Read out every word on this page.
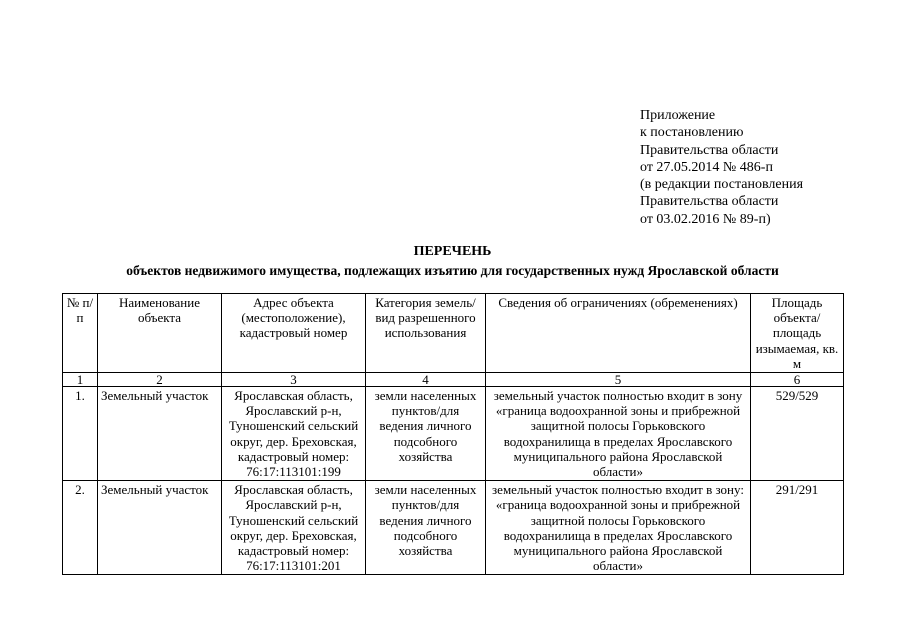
Приложение
к постановлению
Правительства области
от 27.05.2014 № 486-п
(в редакции постановления
Правительства области
от 03.02.2016 № 89-п)
ПЕРЕЧЕНЬ
объектов недвижимого имущества, подлежащих изъятию для государственных нужд Ярославской области
№ п/п	Наименование объекта	Адрес объекта (местоположение), кадастровый номер	Категория земель/ вид разрешенного использования	Сведения об ограничениях (обременениях)	Площадь объекта/ площадь изымаемая, кв. м
1	2	3	4	5	6
1.	Земельный участок	Ярославская область, Ярославский р-н, Туношенский сельский округ, дер. Бреховская, кадастровый номер: 76:17:113101:199	земли населенных пунктов/для ведения личного подсобного хозяйства	земельный участок полностью входит в зону «граница водоохранной зоны и прибрежной защитной полосы Горьковского водохранилища в пределах Ярославского муниципального района Ярославской области»	529/529
2.	Земельный участок	Ярославская область, Ярославский р-н, Туношенский сельский округ, дер. Бреховская, кадастровый номер: 76:17:113101:201	земли населенных пунктов/для ведения личного подсобного хозяйства	земельный участок полностью входит в зону: «граница водоохранной зоны и прибрежной защитной полосы Горьковского водохранилища в пределах Ярославского муниципального района Ярославской области»	291/291
